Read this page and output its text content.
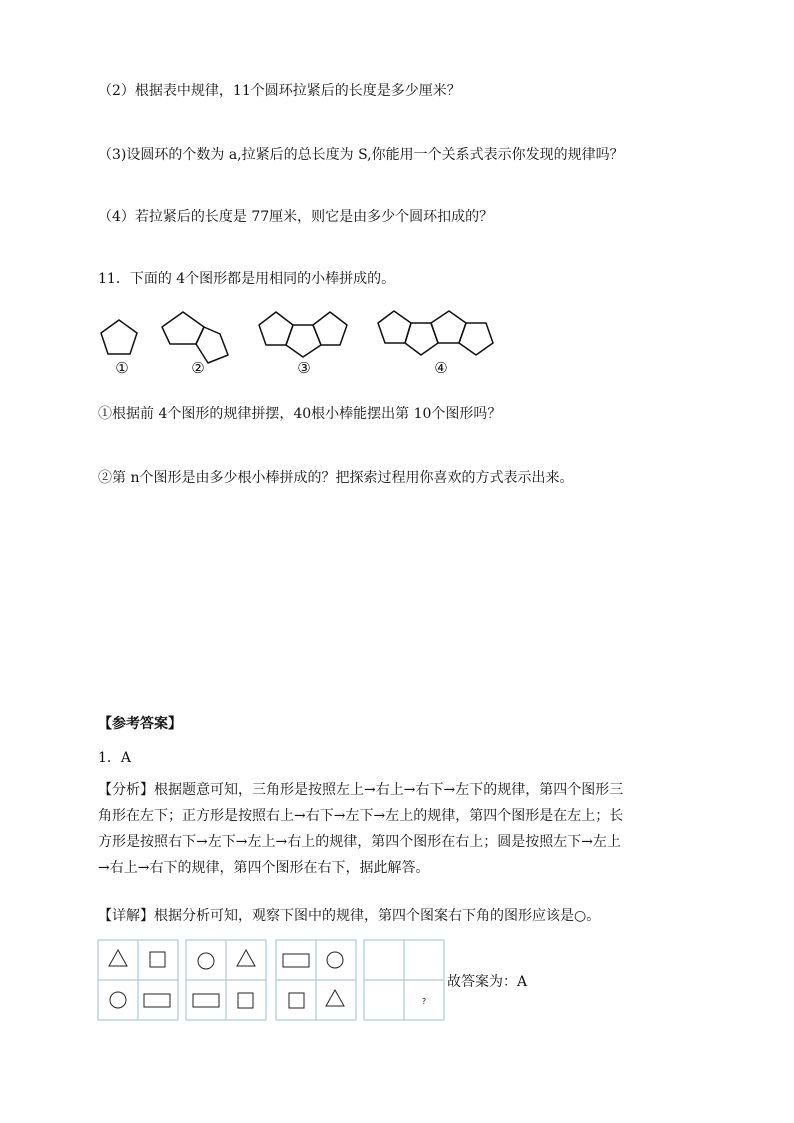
（2）根据表中规律，11个圆环拉紧后的长度是多少厘米？
（3)设圆环的个数为 a,拉紧后的总长度为 S,你能用一个关系式表示你发现的规律吗？
（4）若拉紧后的长度是 77厘米，则它是由多少个圆环扣成的？
11．下面的 4个图形都是用相同的小棒拼成的。
①	②	③	④
①根据前 4个图形的规律拼摆，40根小棒能摆出第 10个图形吗？
②第 n个图形是由多少根小棒拼成的？把探索过程用你喜欢的方式表示出来。
【参考答案】
1．A

【分析】根据题意可知，三角形是按照左上→右上→右下→左下的规律，第四个图形三

角形在左下；正方形是按照右上→右下→左下→左上的规律，第四个图形是在左上；长

方形是按照右下→左下→左上→右上的规律，第四个图形在右上；圆是按照左下→左上

→右上→右下的规律，第四个图形在右下，据此解答。

【详解】根据分析可知，观察下图中的规律，第四个图案右下角的图形应该是○。
?
故答案为：A
